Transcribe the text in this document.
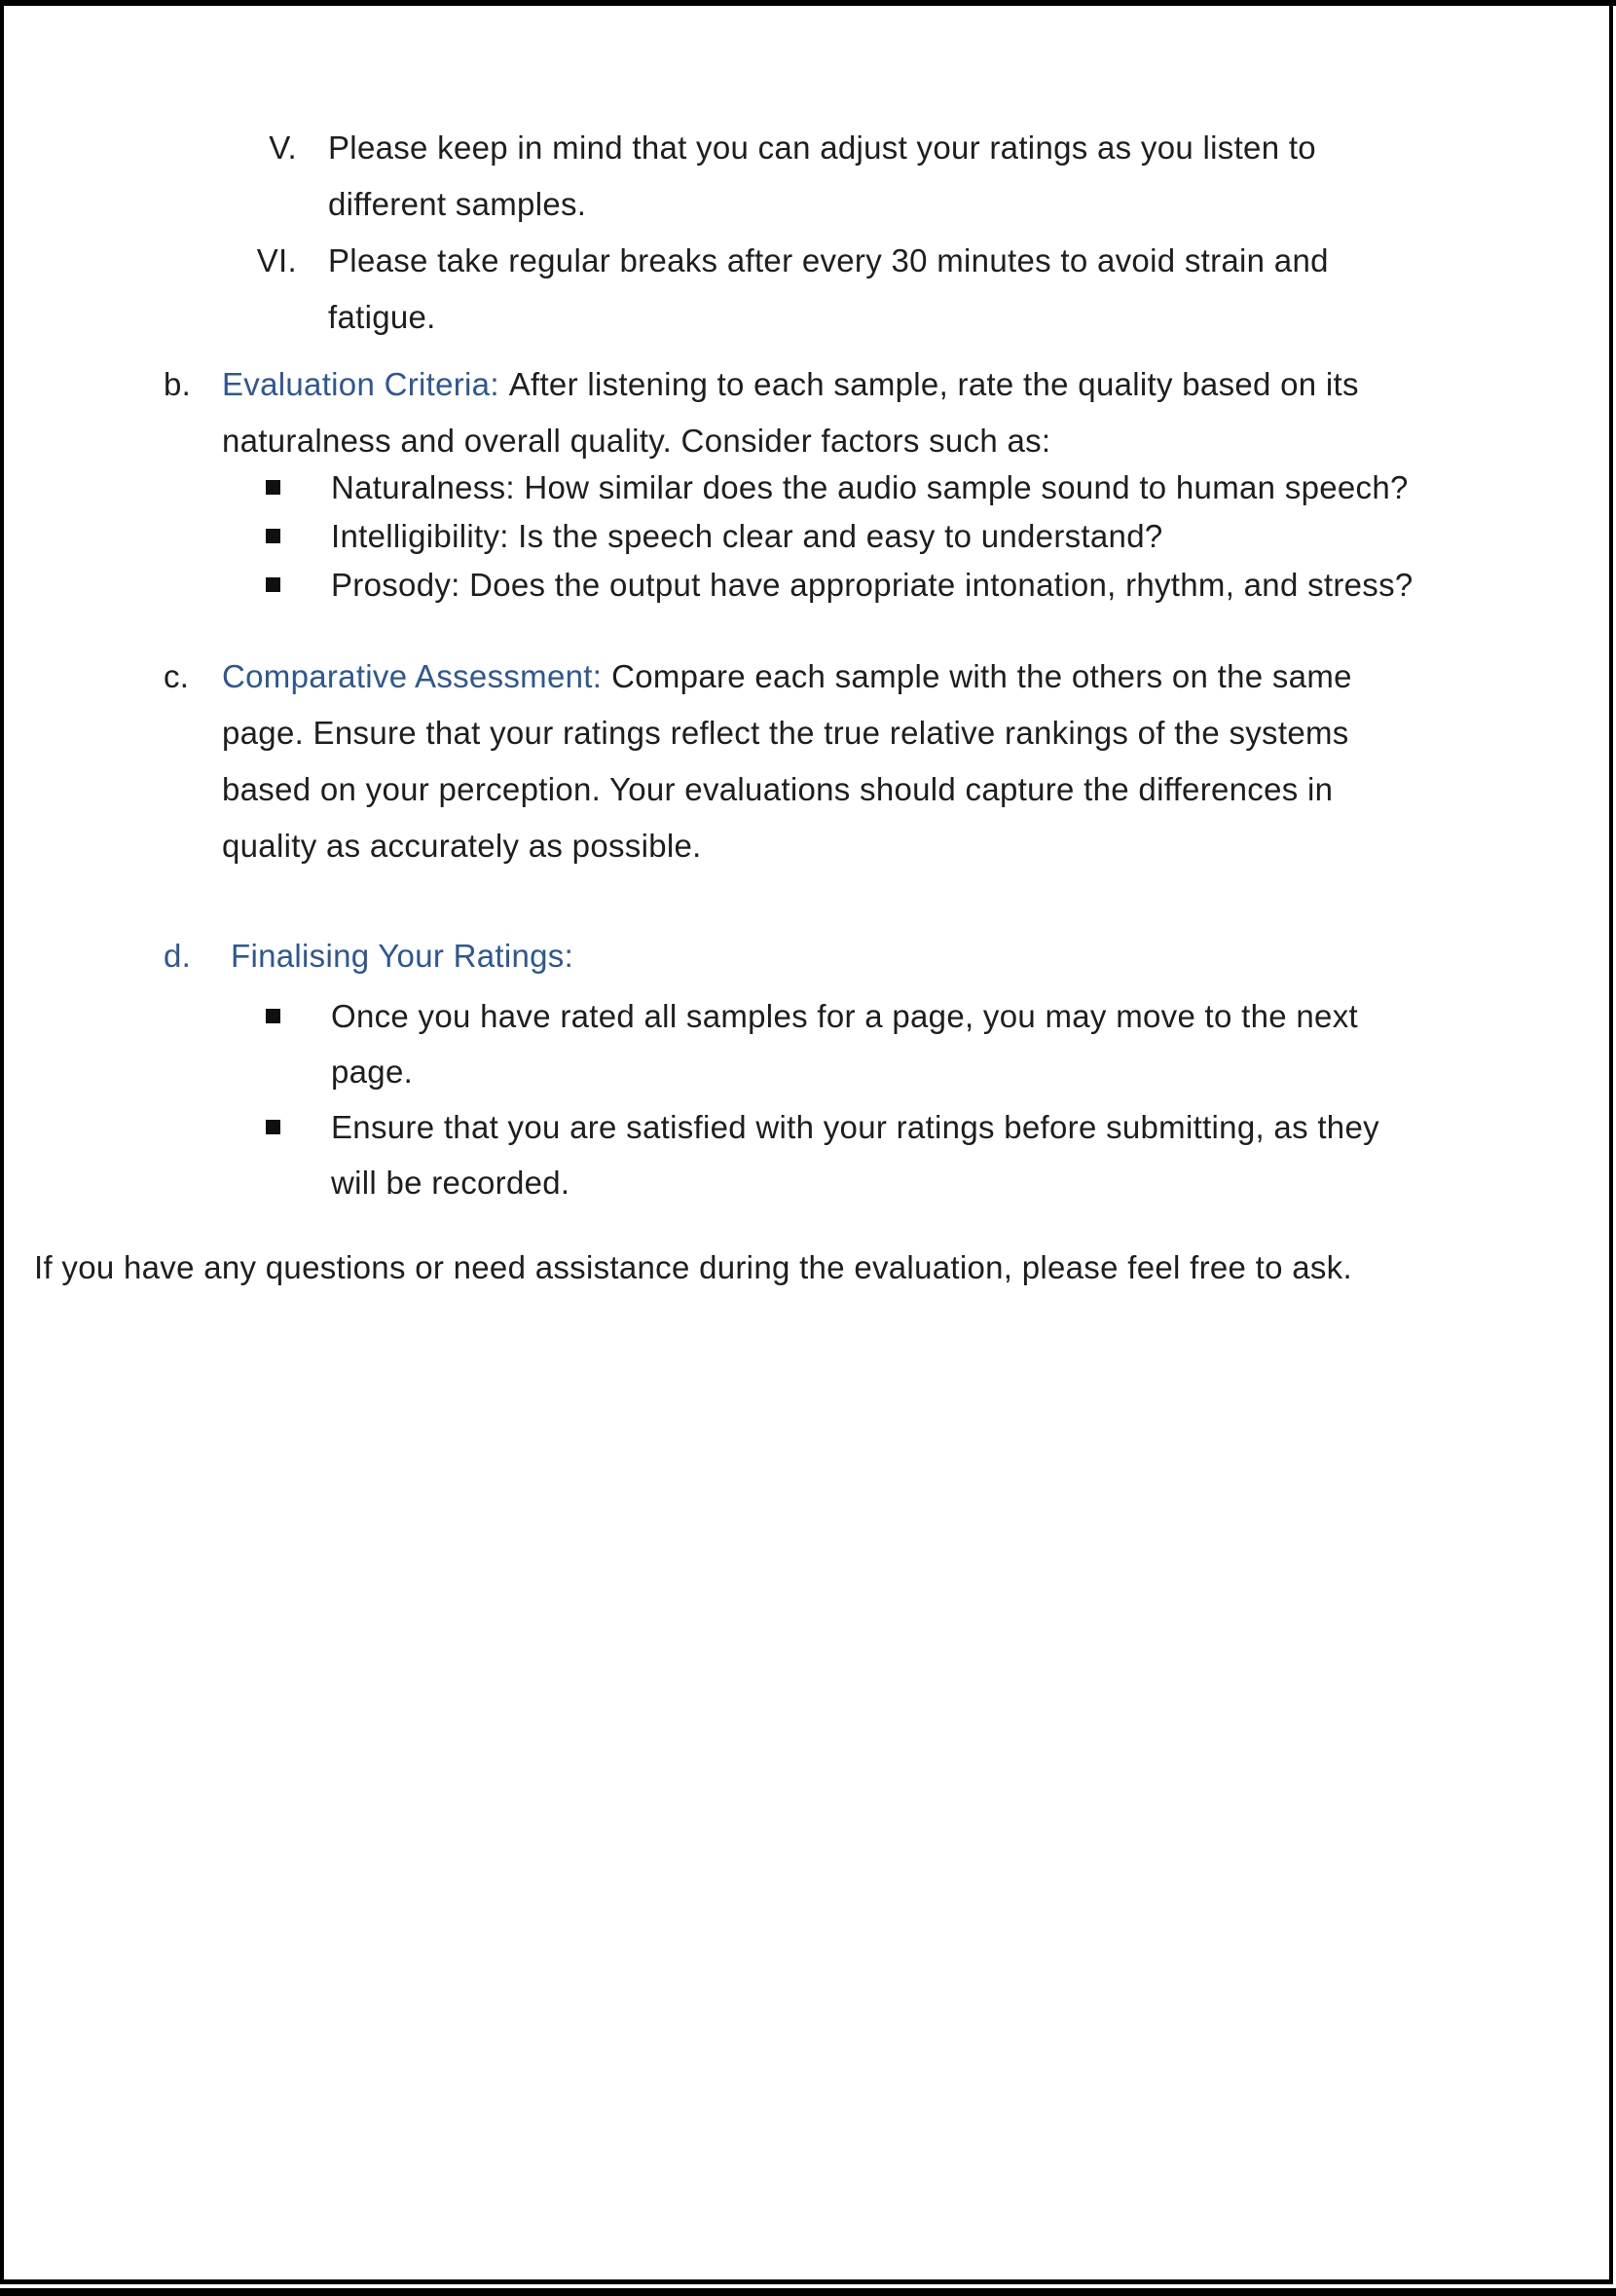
V. Please keep in mind that you can adjust your ratings as you listen to
different samples.
VI. Please take regular breaks after every 30 minutes to avoid strain and
fatigue.
b. Evaluation Criteria: After listening to each sample, rate the quality based on its
naturalness and overall quality. Consider factors such as:
Naturalness: How similar does the audio sample sound to human speech?
Intelligibility: Is the speech clear and easy to understand?
Prosody: Does the output have appropriate intonation, rhythm, and stress?
c. Comparative Assessment: Compare each sample with the others on the same
page. Ensure that your ratings reflect the true relative rankings of the systems
based on your perception. Your evaluations should capture the differences in
quality as accurately as possible.
d. Finalising Your Ratings:
Once you have rated all samples for a page, you may move to the next
page.
Ensure that you are satisfied with your ratings before submitting, as they
will be recorded.
If you have any questions or need assistance during the evaluation, please feel free to ask.
